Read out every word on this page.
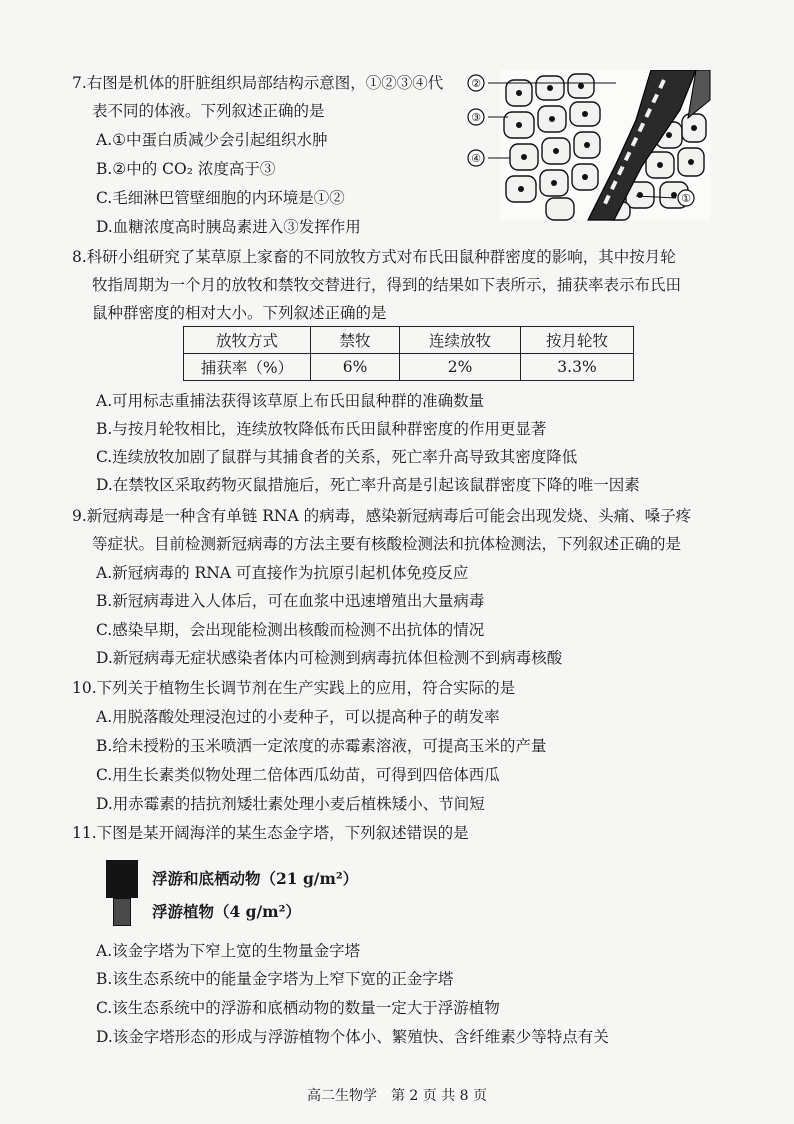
7.右图是机体的肝脏组织局部结构示意图，①②③④代
表不同的体液。下列叙述正确的是
A.①中蛋白质减少会引起组织水肿
B.②中的 CO₂ 浓度高于③
C.毛细淋巴管壁细胞的内环境是①②
D.血糖浓度高时胰岛素进入③发挥作用
②
③
④
①
8.科研小组研究了某草原上家畜的不同放牧方式对布氏田鼠种群密度的影响，其中按月轮
牧指周期为一个月的放牧和禁牧交替进行，得到的结果如下表所示，捕获率表示布氏田
鼠种群密度的相对大小。下列叙述正确的是
放牧方式	禁牧	连续放牧	按月轮牧
捕获率（%）	6%	2%	3.3%
A.可用标志重捕法获得该草原上布氏田鼠种群的准确数量
B.与按月轮牧相比，连续放牧降低布氏田鼠种群密度的作用更显著
C.连续放牧加剧了鼠群与其捕食者的关系，死亡率升高导致其密度降低
D.在禁牧区采取药物灭鼠措施后，死亡率升高是引起该鼠群密度下降的唯一因素
9.新冠病毒是一种含有单链 RNA 的病毒，感染新冠病毒后可能会出现发烧、头痛、嗓子疼
等症状。目前检测新冠病毒的方法主要有核酸检测法和抗体检测法，下列叙述正确的是
A.新冠病毒的 RNA 可直接作为抗原引起机体免疫反应
B.新冠病毒进入人体后，可在血浆中迅速增殖出大量病毒
C.感染早期，会出现能检测出核酸而检测不出抗体的情况
D.新冠病毒无症状感染者体内可检测到病毒抗体但检测不到病毒核酸
10.下列关于植物生长调节剂在生产实践上的应用，符合实际的是
A.用脱落酸处理浸泡过的小麦种子，可以提高种子的萌发率
B.给未授粉的玉米喷洒一定浓度的赤霉素溶液，可提高玉米的产量
C.用生长素类似物处理二倍体西瓜幼苗，可得到四倍体西瓜
D.用赤霉素的拮抗剂矮壮素处理小麦后植株矮小、节间短
11.下图是某开阔海洋的某生态金字塔，下列叙述错误的是
浮游和底栖动物（21 g/m²）
浮游植物（4 g/m²）
A.该金字塔为下窄上宽的生物量金字塔
B.该生态系统中的能量金字塔为上窄下宽的正金字塔
C.该生态系统中的浮游和底栖动物的数量一定大于浮游植物
D.该金字塔形态的形成与浮游植物个体小、繁殖快、含纤维素少等特点有关
高二生物学　第 2 页 共 8 页
